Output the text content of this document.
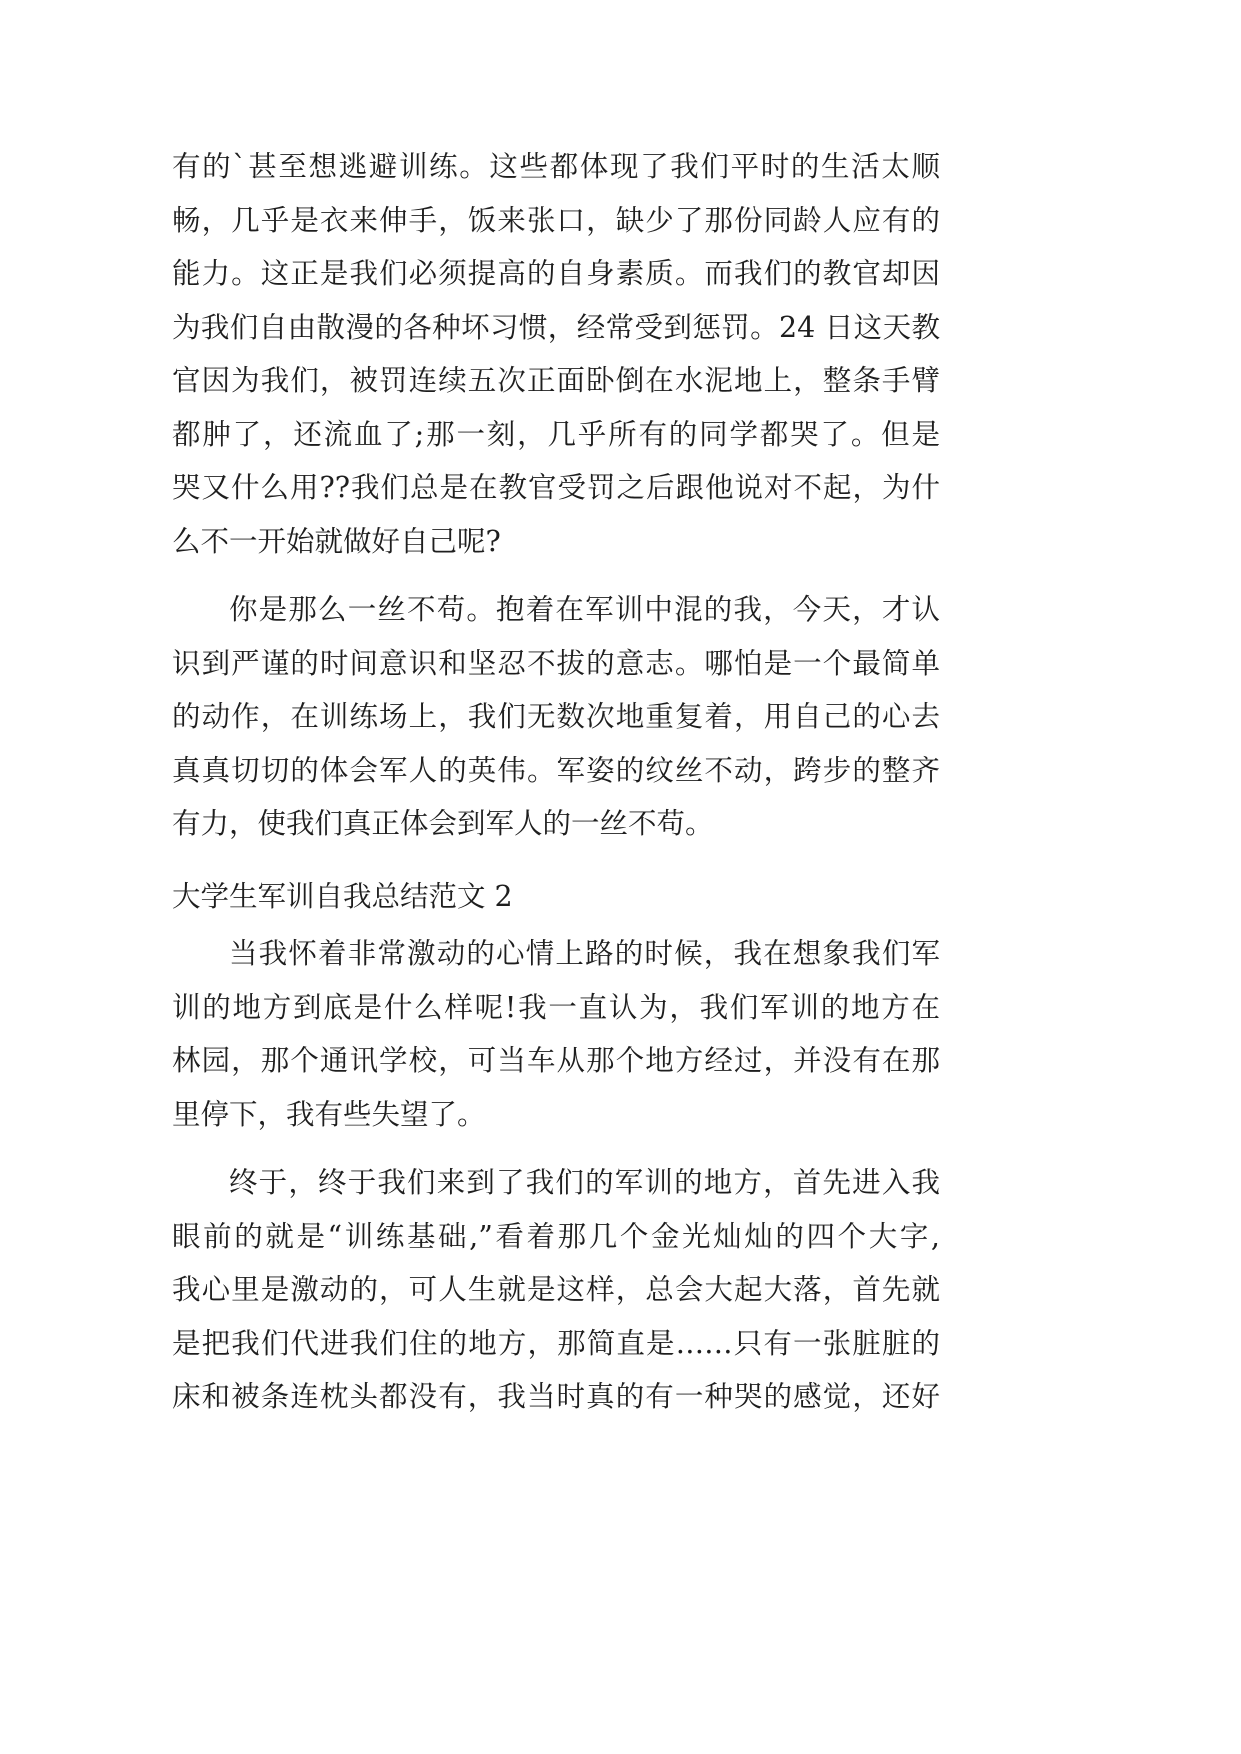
有的`甚至想逃避训练。这些都体现了我们平时的生活太顺
畅，几乎是衣来伸手，饭来张口，缺少了那份同龄人应有的
能力。这正是我们必须提高的自身素质。而我们的教官却因
为我们自由散漫的各种坏习惯，经常受到惩罚。24 日这天教
官因为我们，被罚连续五次正面卧倒在水泥地上，整条手臂
都肿了，还流血了;那一刻，几乎所有的同学都哭了。但是
哭又什么用??我们总是在教官受罚之后跟他说对不起，为什
么不一开始就做好自己呢?
你是那么一丝不苟。抱着在军训中混的我，今天，才认
识到严谨的时间意识和坚忍不拔的意志。哪怕是一个最简单
的动作，在训练场上，我们无数次地重复着，用自己的心去
真真切切的体会军人的英伟。军姿的纹丝不动，跨步的整齐
有力，使我们真正体会到军人的一丝不苟。
大学生军训自我总结范文 2
当我怀着非常激动的心情上路的时候，我在想象我们军
训的地方到底是什么样呢!我一直认为，我们军训的地方在
林园，那个通讯学校，可当车从那个地方经过，并没有在那
里停下，我有些失望了。
终于，终于我们来到了我们的军训的地方，首先进入我
眼前的就是“训练基础,”看着那几个金光灿灿的四个大字,
我心里是激动的，可人生就是这样，总会大起大落，首先就
是把我们代进我们住的地方，那简直是……只有一张脏脏的
床和被条连枕头都没有，我当时真的有一种哭的感觉，还好
